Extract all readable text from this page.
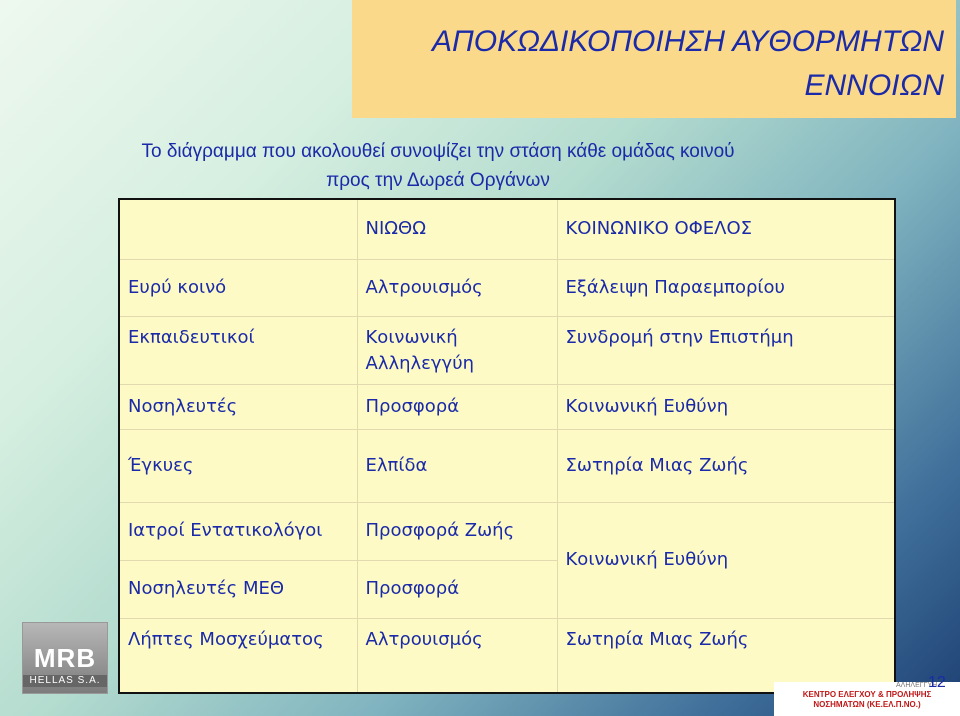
ΑΠΟΚΩΔΙΚΟΠΟΙΗΣΗ ΑΥΘΟΡΜΗΤΩΝ
ΕΝΝΟΙΩΝ
Το διάγραμμα που ακολουθεί συνοψίζει την στάση κάθε ομάδας κοινού
προς την Δωρεά Οργάνων
	ΝΙΩΘΩ	ΚΟΙΝΩΝΙΚΟ ΟΦΕΛΟΣ
Ευρύ κοινό	Αλτρουισμός	Εξάλειψη Παραεμπορίου
Εκπαιδευτικοί	Κοινωνική Αλληλεγγύη	Συνδρομή στην Επιστήμη
Νοσηλευτές	Προσφορά	Κοινωνική Ευθύνη
Έγκυες	Ελπίδα	Σωτηρία Μιας Ζωής
Ιατροί Εντατικολόγοι	Προσφορά Ζωής	Κοινωνική Ευθύνη
Νοσηλευτές ΜΕΘ	Προσφορά	
Λήπτες Μοσχεύματος	Αλτρουισμός	Σωτηρία Μιας Ζωής
MRB
HELLAS S.A.
ΚΕΝΤΡΟ ΕΛΕΓΧΟΥ & ΠΡΟΛΗΨΗΣ
ΝΟΣΗΜΑΤΩΝ (ΚΕ.ΕΛ.Π.ΝΟ.)
ΑΛΗΛΕΓΓΥΗ
12
